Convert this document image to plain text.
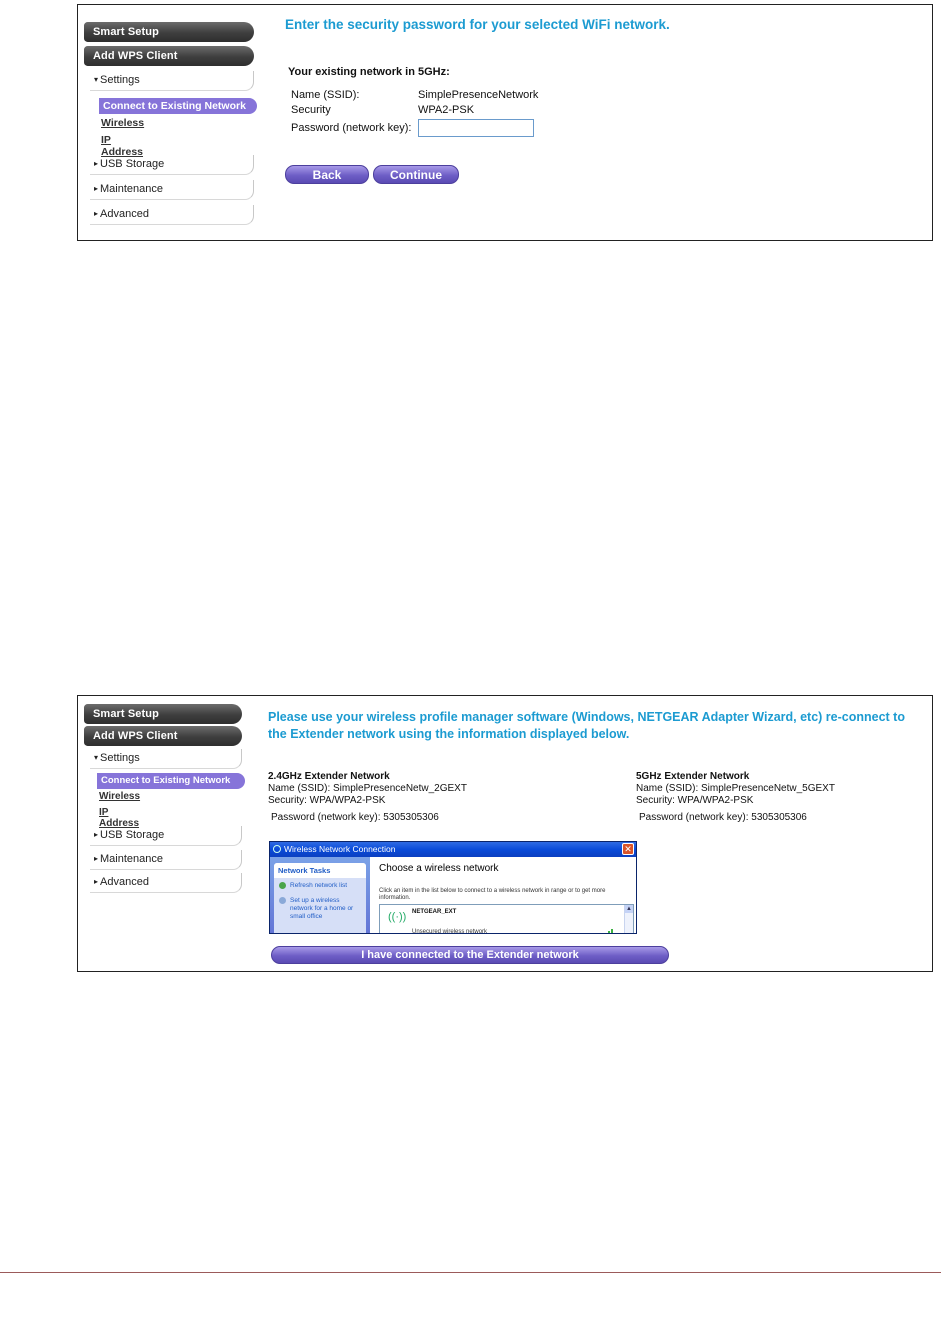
Smart Setup
Add WPS Client
▾ Settings
Connect to Existing Network
Wireless
IP Address
▸ USB Storage
▸ Maintenance
▸ Advanced
Enter the security password for your selected WiFi network.
Your existing network in 5GHz:
Name (SSID):	SimplePresenceNetwork
Security	WPA2-PSK
Password (network key):
Back	Continue
Smart Setup
Add WPS Client
▾ Settings
Connect to Existing Network
Wireless
IP Address
▸ USB Storage
▸ Maintenance
▸ Advanced
Please use your wireless profile manager software (Windows, NETGEAR Adapter Wizard, etc) re-connect to
the Extender network using the information displayed below.
2.4GHz Extender Network
Name (SSID): SimplePresenceNetw_2GEXT
Security: WPA/WPA2-PSK
Password (network key): 5305305306
5GHz Extender Network
Name (SSID): SimplePresenceNetw_5GEXT
Security: WPA/WPA2-PSK
Password (network key): 5305305306
Wireless Network Connection	✕
Network Tasks
Refresh network list
Set up a wireless network for a home or small office
Choose a wireless network
Click an item in the list below to connect to a wireless network in range or to get more information.
((·)) NETGEAR_EXT
Unsecured wireless network
▲
I have connected to the Extender network
